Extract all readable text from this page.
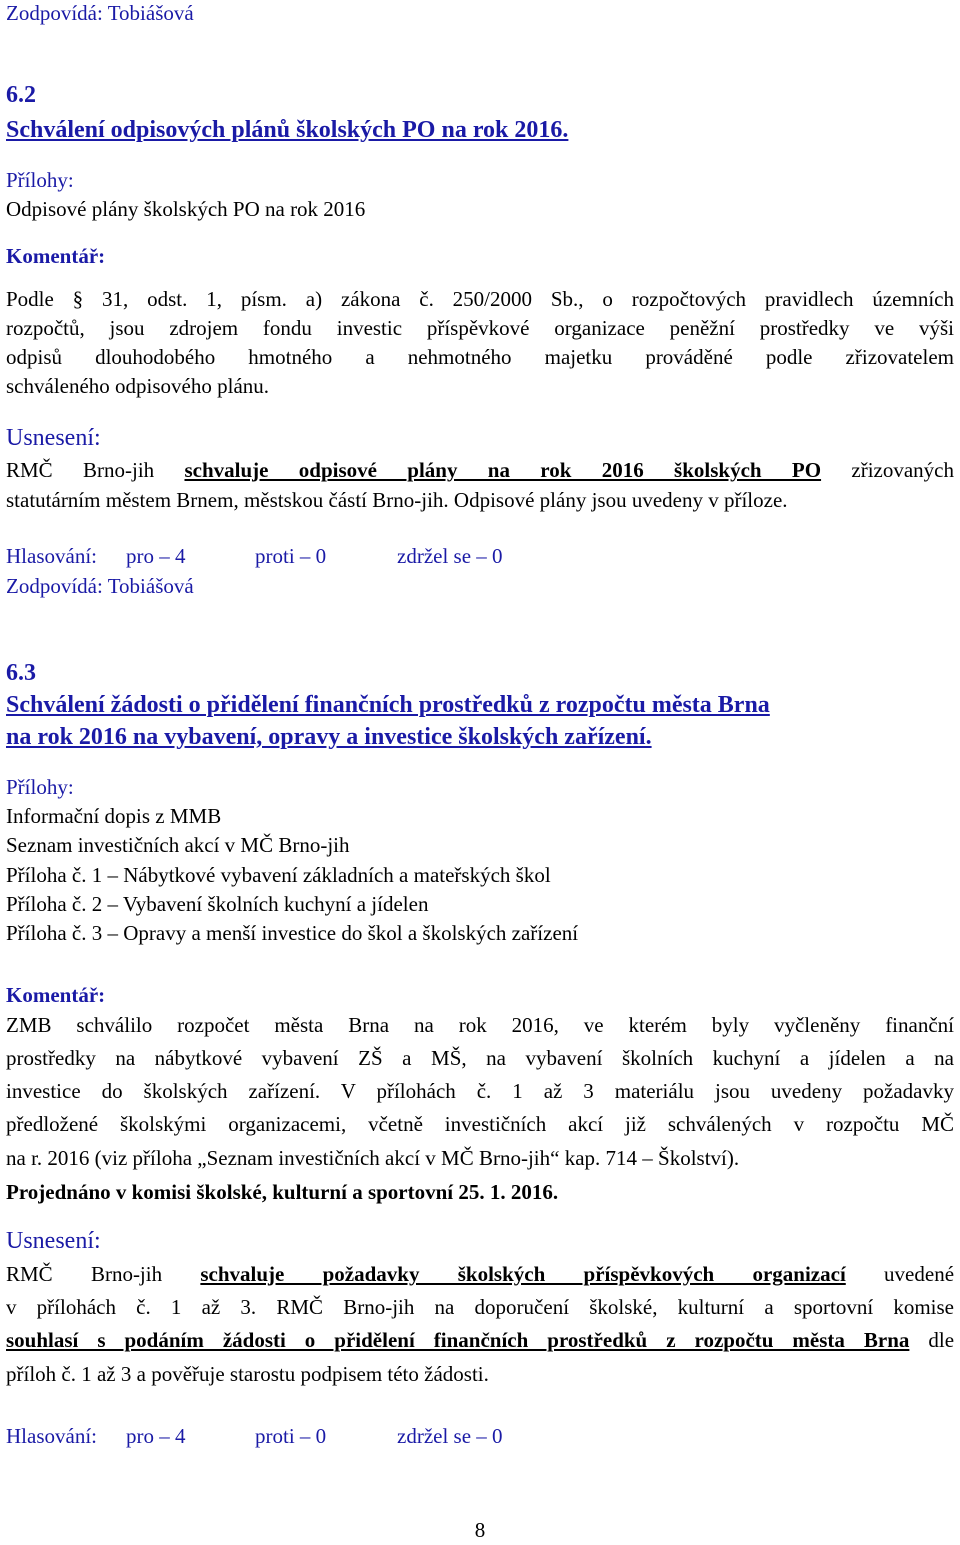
Zodpovídá: Tobiášová
6.2
Schválení odpisových plánů školských PO na rok 2016.
Přílohy:
Odpisové plány školských PO na rok 2016
Komentář:
Podle § 31, odst. 1, písm. a) zákona č. 250/2000 Sb., o rozpočtových pravidlech územních
rozpočtů, jsou zdrojem fondu investic příspěvkové organizace peněžní prostředky ve výši
odpisů dlouhodobého hmotného a nehmotného majetku prováděné podle zřizovatelem
schváleného odpisového plánu.
Usnesení:
RMČ Brno-jih schvaluje odpisové plány na rok 2016 školských PO zřizovaných
statutárním městem Brnem, městskou částí Brno-jih. Odpisové plány jsou uvedeny v příloze.
Hlasování: pro – 4	proti – 0	zdržel se – 0
Zodpovídá: Tobiášová
6.3
Schválení žádosti o přidělení finančních prostředků z rozpočtu města Brna
na rok 2016 na vybavení, opravy a investice školských zařízení.
Přílohy:
Informační dopis z MMB
Seznam investičních akcí v MČ Brno-jih
Příloha č. 1 – Nábytkové vybavení základních a mateřských škol
Příloha č. 2 – Vybavení školních kuchyní a jídelen
Příloha č. 3 – Opravy a menší investice do škol a školských zařízení
Komentář:
ZMB schválilo rozpočet města Brna na rok 2016, ve kterém byly vyčleněny finanční
prostředky na nábytkové vybavení ZŠ a MŠ, na vybavení školních kuchyní a jídelen a na
investice do školských zařízení. V přílohách č. 1 až 3 materiálu jsou uvedeny požadavky
předložené školskými organizacemi, včetně investičních akcí již schválených v rozpočtu MČ
na r. 2016 (viz příloha „Seznam investičních akcí v MČ Brno-jih“ kap. 714 – Školství).
Projednáno v komisi školské, kulturní a sportovní 25. 1. 2016.
Usnesení:
RMČ Brno-jih schvaluje požadavky školských příspěvkových organizací uvedené
v přílohách č. 1 až 3. RMČ Brno-jih na doporučení školské, kulturní a sportovní komise
souhlasí s podáním žádosti o přidělení finančních prostředků z rozpočtu města Brna dle
příloh č. 1 až 3 a pověřuje starostu podpisem této žádosti.
Hlasování: pro – 4	proti – 0	zdržel se – 0
8
